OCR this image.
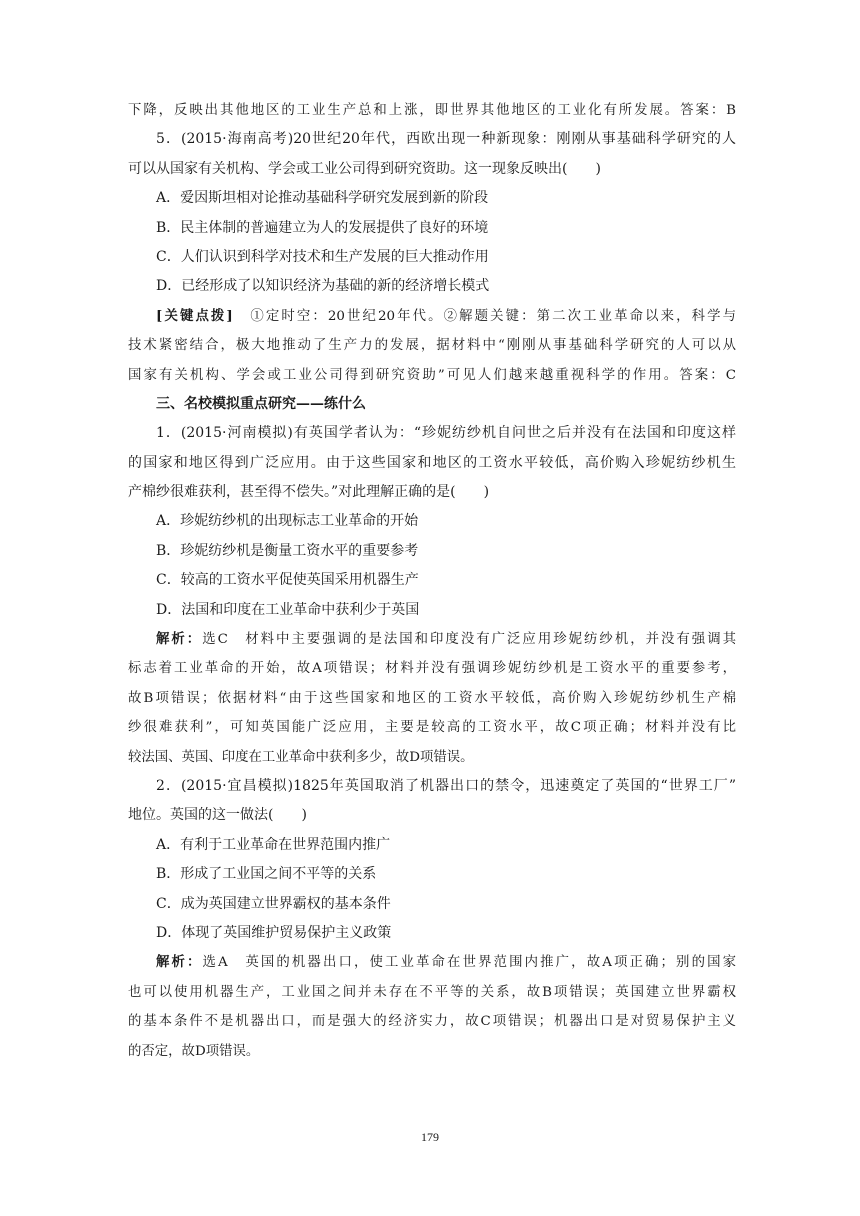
下降，反映出其他地区的工业生产总和上涨，即世界其他地区的工业化有所发展。答案：B
5．(2015·海南高考)20世纪20年代，西欧出现一种新现象：刚刚从事基础科学研究的人
可以从国家有关机构、学会或工业公司得到研究资助。这一现象反映出(　　)
A．爱因斯坦相对论推动基础科学研究发展到新的阶段
B．民主体制的普遍建立为人的发展提供了良好的环境
C．人们认识到科学对技术和生产发展的巨大推动作用
D．已经形成了以知识经济为基础的新的经济增长模式
[关键点拨]　①定时空：20世纪20年代。②解题关键：第二次工业革命以来，科学与
技术紧密结合，极大地推动了生产力的发展，据材料中“刚刚从事基础科学研究的人可以从
国家有关机构、学会或工业公司得到研究资助”可见人们越来越重视科学的作用。答案：C
三、名校模拟重点研究——练什么
1．(2015·河南模拟)有英国学者认为：“珍妮纺纱机自问世之后并没有在法国和印度这样
的国家和地区得到广泛应用。由于这些国家和地区的工资水平较低，高价购入珍妮纺纱机生
产棉纱很难获利，甚至得不偿失。”对此理解正确的是(　　)
A．珍妮纺纱机的出现标志工业革命的开始
B．珍妮纺纱机是衡量工资水平的重要参考
C．较高的工资水平促使英国采用机器生产
D．法国和印度在工业革命中获利少于英国
解析：选C　材料中主要强调的是法国和印度没有广泛应用珍妮纺纱机，并没有强调其
标志着工业革命的开始，故A项错误；材料并没有强调珍妮纺纱机是工资水平的重要参考，
故B项错误；依据材料“由于这些国家和地区的工资水平较低，高价购入珍妮纺纱机生产棉
纱很难获利”，可知英国能广泛应用，主要是较高的工资水平，故C项正确；材料并没有比
较法国、英国、印度在工业革命中获利多少，故D项错误。
2．(2015·宜昌模拟)1825年英国取消了机器出口的禁令，迅速奠定了英国的“世界工厂”
地位。英国的这一做法(　　)
A．有利于工业革命在世界范围内推广
B．形成了工业国之间不平等的关系
C．成为英国建立世界霸权的基本条件
D．体现了英国维护贸易保护主义政策
解析：选A　英国的机器出口，使工业革命在世界范围内推广，故A项正确；别的国家
也可以使用机器生产，工业国之间并未存在不平等的关系，故B项错误；英国建立世界霸权
的基本条件不是机器出口，而是强大的经济实力，故C项错误；机器出口是对贸易保护主义
的否定，故D项错误。
179
